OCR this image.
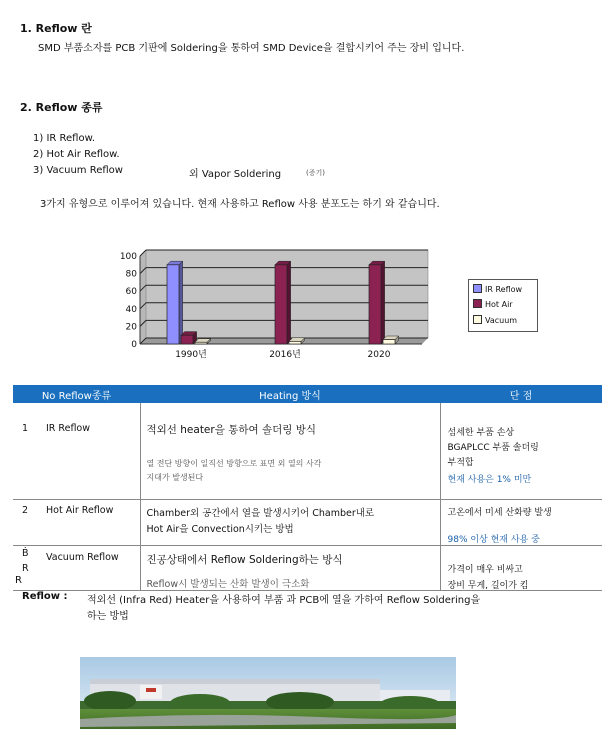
1. Reflow 란
SMD 부품소자를 PCB 기판에 Soldering을 통하여 SMD Device을 결합시키어 주는 장비 입니다.
2. Reflow 종류
1) IR Reflow.
2) Hot Air Reflow.
3) Vacuum Reflow	외 Vapor Soldering	(증기)
3가지 유형으로 이루어져 있습니다. 현재 사용하고 Reflow 사용 분포도는 하기 와 같습니다.
100
80
60
40
20
0
1990년	2016년	2020
IR Reflow
Hot Air
Vacuum
No Reflow종류	Heating 방식	단 점

1 IR Reflow	적외선 heater을 통하여 솔더링 방식
열 전단 방향이 일직선 방향으로 표면 외 열의 사각
지대가 발생된다	섬세한 부품 손상
BGAPLCC 부품 솔더링
부적합
현재 사용은 1% 미만

2 Hot Air Reflow	Chamber외 공간에서 열을 발생시키어 Chamber내로
Hot Air을 Convection시키는 방법	고온에서 미세 산화량 발생
98% 이상 현재 사용 중

Ḃ
R
Vacuum Reflow	진공상태에서 Reflow Soldering하는 방식
Reflow시 발생되는 산화 발생이 극소화	가격이 매우 비싸고
장비 무게, 길이가 킴
R
Reflow : 적외선 (Infra Red) Heater을 사용하여 부품 과 PCB에 열을 가하여 Reflow Soldering을
하는 방법
